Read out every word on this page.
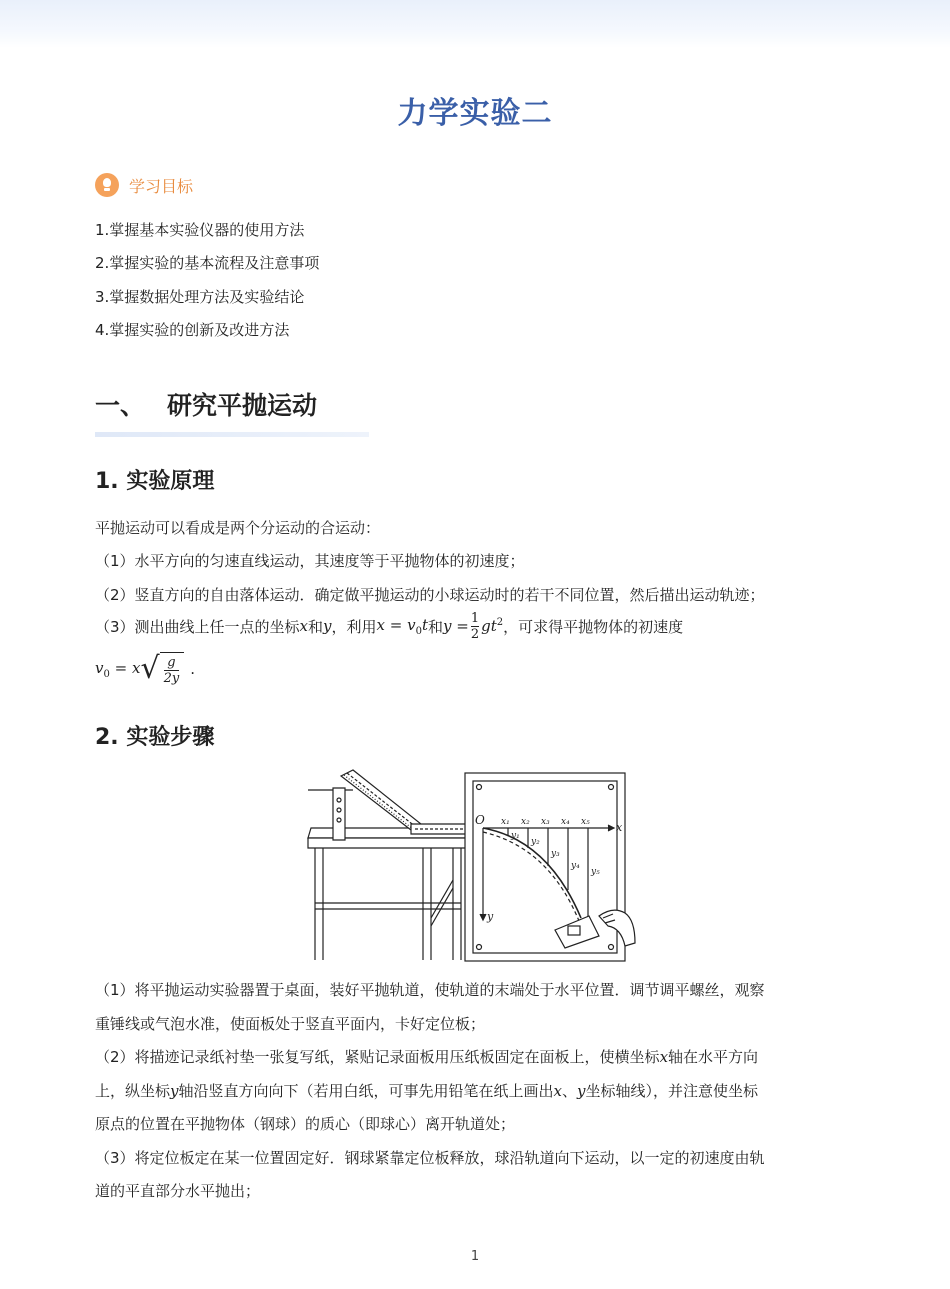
力学实验二
学习目标
1.掌握基本实验仪器的使用方法
2.掌握实验的基本流程及注意事项
3.掌握数据处理方法及实验结论
4.掌握实验的创新及改进方法
一、 研究平抛运动
1. 实验原理
平抛运动可以看成是两个分运动的合运动：
（1）水平方向的匀速直线运动，其速度等于平抛物体的初速度；
（2）竖直方向的自由落体运动．确定做平抛运动的小球运动时的若干不同位置，然后描出运动轨迹；
（3）测出曲线上任一点的坐标 x 和 y ，利用 $x = v_0t$ 和 $y = \frac{1}{2} gt^2$ ，可求得平抛物体的初速度
$v_0 = x$ √ $\frac{g}{2y}$ .
2. 实验步骤
O
x
y
x₁ x₂ x₃ x₄ x₅
y₁
y₂
y₃
y₄
y₅
（1）将平抛运动实验器置于桌面，装好平抛轨道，使轨道的末端处于水平位置．调节调平螺丝，观察
重锤线或气泡水准，使面板处于竖直平面内，卡好定位板；
（2）将描迹记录纸衬垫一张复写纸，紧贴记录面板用压纸板固定在面板上，使横坐标x轴在水平方向
上，纵坐标y轴沿竖直方向向下（若用白纸，可事先用铅笔在纸上画出x、y坐标轴线），并注意使坐标
原点的位置在平抛物体（钢球）的质心（即球心）离开轨道处；
（3）将定位板定在某一位置固定好．钢球紧靠定位板释放，球沿轨道向下运动，以一定的初速度由轨
道的平直部分水平抛出；
1
